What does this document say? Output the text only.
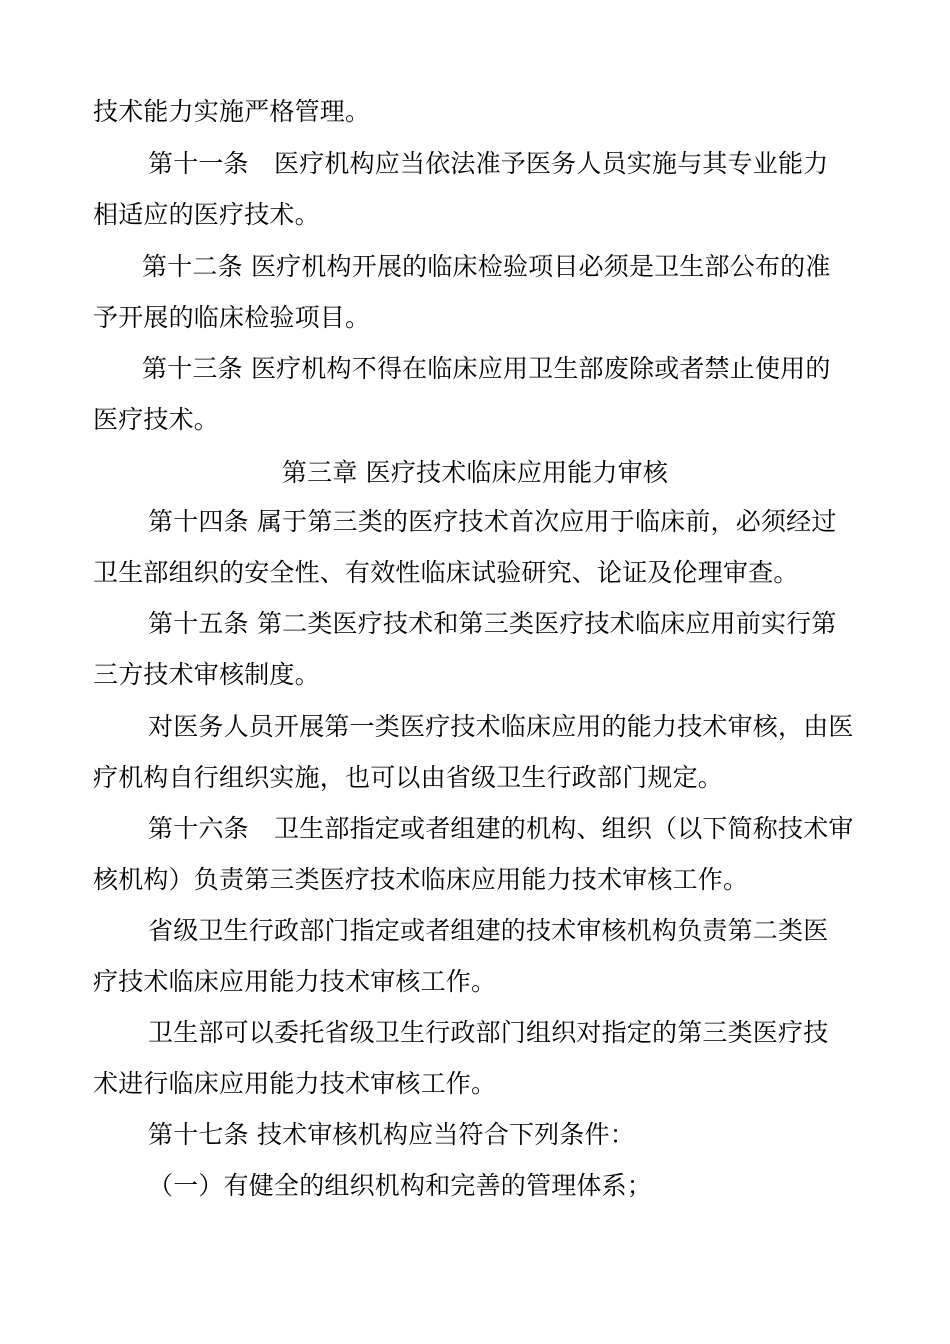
技术能力实施严格管理。
第十一条　医疗机构应当依法准予医务人员实施与其专业能力
相适应的医疗技术。
第十二条 医疗机构开展的临床检验项目必须是卫生部公布的准
予开展的临床检验项目。
第十三条 医疗机构不得在临床应用卫生部废除或者禁止使用的
医疗技术。
第三章 医疗技术临床应用能力审核
第十四条 属于第三类的医疗技术首次应用于临床前，必须经过
卫生部组织的安全性、有效性临床试验研究、论证及伦理审查。
第十五条 第二类医疗技术和第三类医疗技术临床应用前实行第
三方技术审核制度。
对医务人员开展第一类医疗技术临床应用的能力技术审核，由医
疗机构自行组织实施，也可以由省级卫生行政部门规定。
第十六条　卫生部指定或者组建的机构、组织（以下简称技术审
核机构）负责第三类医疗技术临床应用能力技术审核工作。
省级卫生行政部门指定或者组建的技术审核机构负责第二类医
疗技术临床应用能力技术审核工作。
卫生部可以委托省级卫生行政部门组织对指定的第三类医疗技
术进行临床应用能力技术审核工作。
第十七条 技术审核机构应当符合下列条件：
（一）有健全的组织机构和完善的管理体系；
